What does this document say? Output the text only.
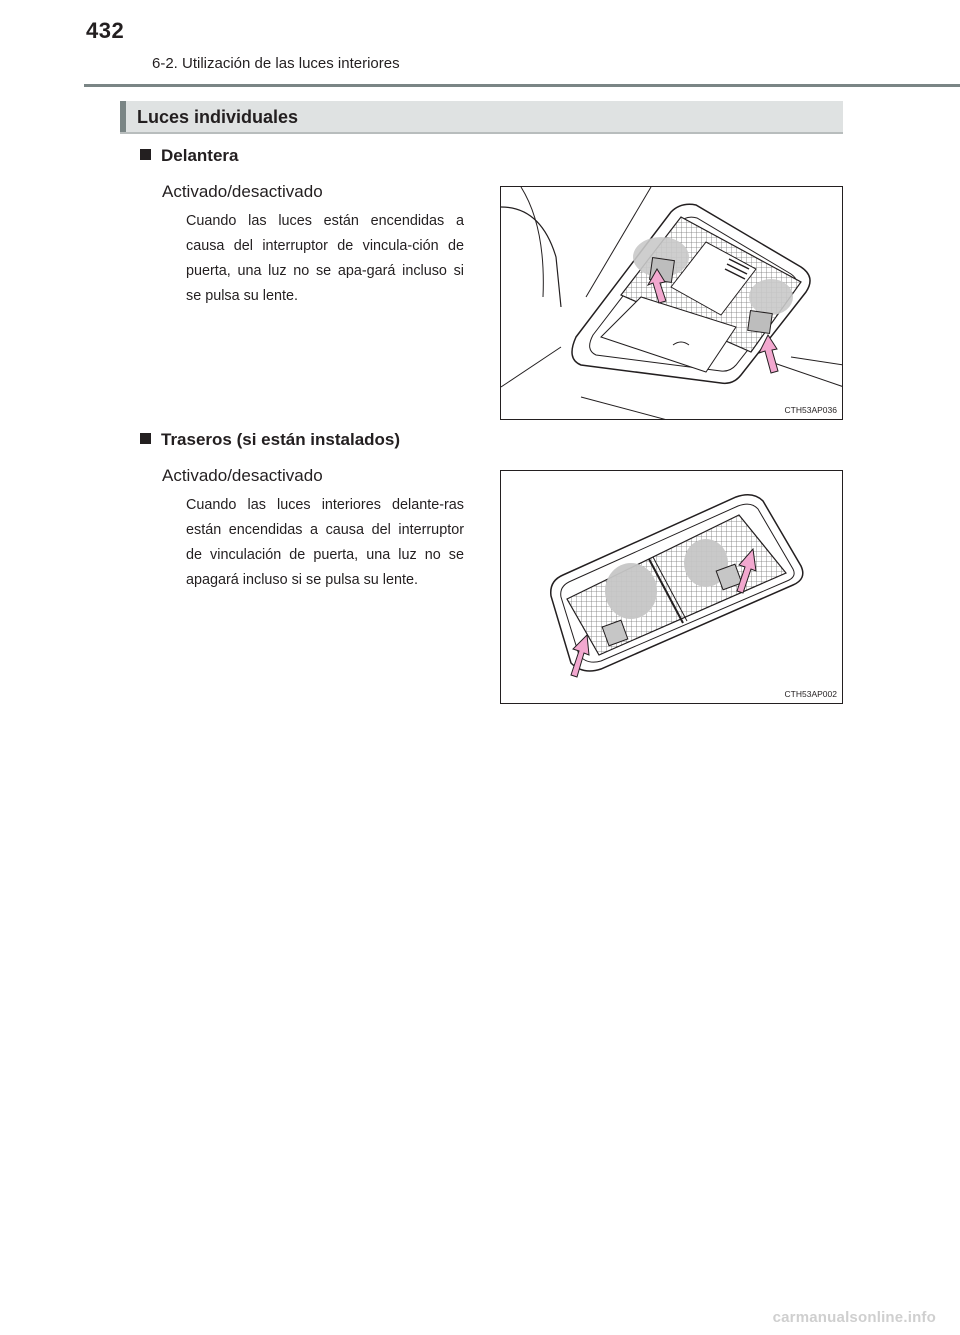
432
6-2. Utilización de las luces interiores
Luces individuales
Delantera
Activado/desactivado
Cuando las luces están encendidas a causa del interruptor de vincula-ción de puerta, una luz no se apa-gará incluso si se pulsa su lente.
CTH53AP036
Traseros (si están instalados)
Activado/desactivado
Cuando las luces interiores delante-ras están encendidas a causa del interruptor de vinculación de puerta, una luz no se apagará incluso si se pulsa su lente.
CTH53AP002
carmanualsonline.info
